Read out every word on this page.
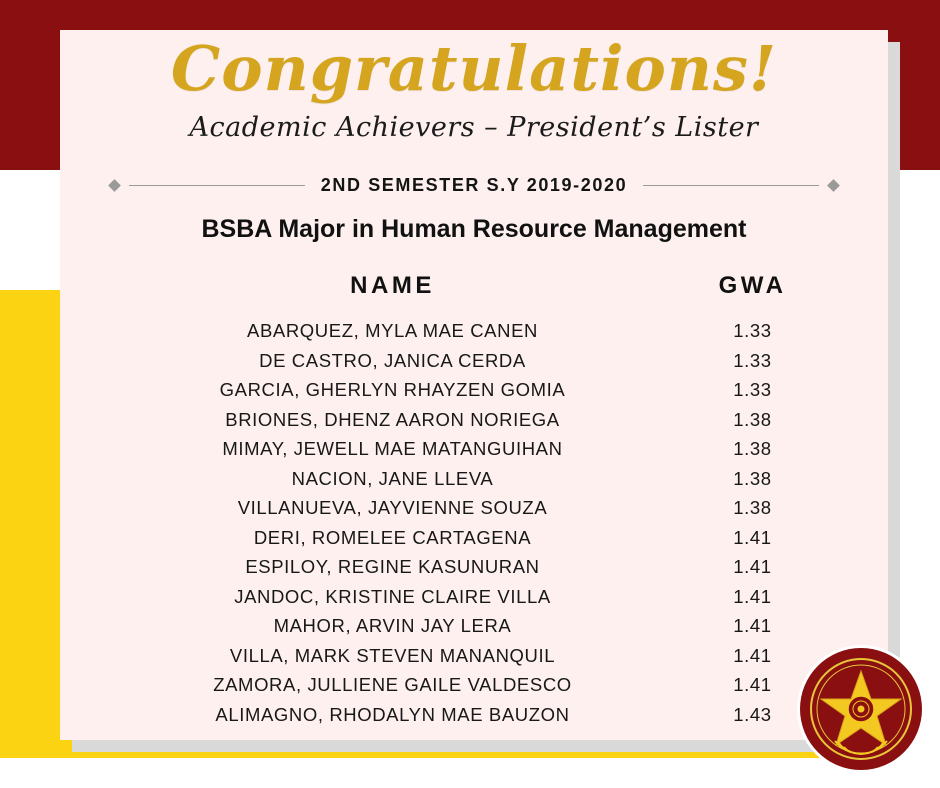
Congratulations!
Academic Achievers – President’s Lister
2ND SEMESTER S.Y 2019-2020
BSBA Major in Human Resource Management
NAME	GWA
ABARQUEZ, MYLA MAE CANEN	1.33
DE CASTRO, JANICA CERDA	1.33
GARCIA, GHERLYN RHAYZEN GOMIA	1.33
BRIONES, DHENZ AARON NORIEGA	1.38
MIMAY, JEWELL MAE MATANGUIHAN	1.38
NACION, JANE LLEVA	1.38
VILLANUEVA, JAYVIENNE SOUZA	1.38
DERI, ROMELEE CARTAGENA	1.41
ESPILOY, REGINE KASUNURAN	1.41
JANDOC, KRISTINE CLAIRE VILLA	1.41
MAHOR, ARVIN JAY LERA	1.41
VILLA, MARK STEVEN MANANQUIL	1.41
ZAMORA, JULLIENE GAILE VALDESCO	1.41
ALIMAGNO, RHODALYN MAE BAUZON	1.43
